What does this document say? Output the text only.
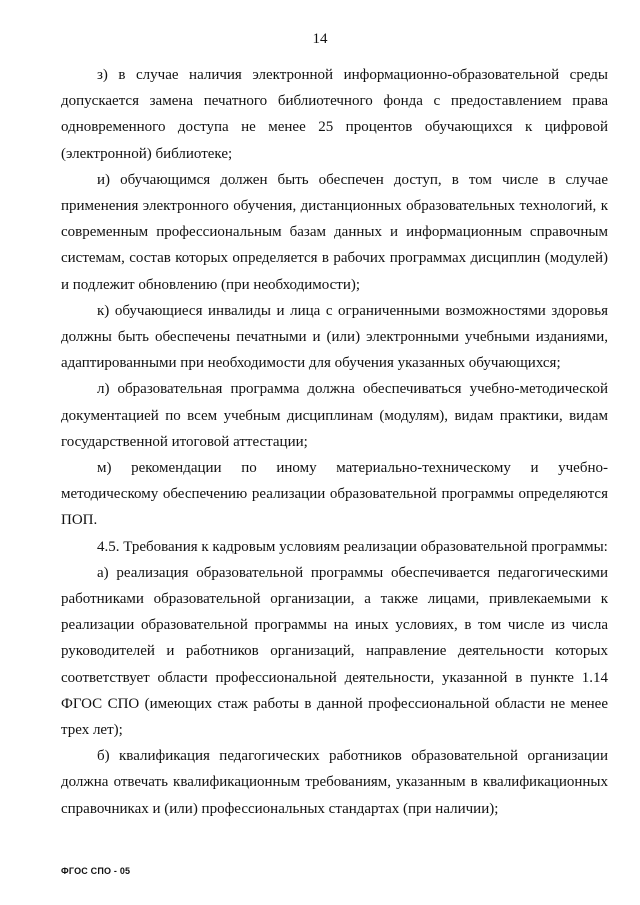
14

з) в случае наличия электронной информационно-образовательной среды допускается замена печатного библиотечного фонда с предоставлением права одновременного доступа не менее 25 процентов обучающихся к цифровой (электронной) библиотеке;

и) обучающимся должен быть обеспечен доступ, в том числе в случае применения электронного обучения, дистанционных образовательных технологий, к современным профессиональным базам данных и информационным справочным системам, состав которых определяется в рабочих программах дисциплин (модулей) и подлежит обновлению (при необходимости);

к) обучающиеся инвалиды и лица с ограниченными возможностями здоровья должны быть обеспечены печатными и (или) электронными учебными изданиями, адаптированными при необходимости для обучения указанных обучающихся;

л) образовательная программа должна обеспечиваться учебно-методической документацией по всем учебным дисциплинам (модулям), видам практики, видам государственной итоговой аттестации;

м) рекомендации по иному материально-техническому и учебно-методическому обеспечению реализации образовательной программы определяются ПОП.

4.5. Требования к кадровым условиям реализации образовательной программы:

а) реализация образовательной программы обеспечивается педагогическими работниками образовательной организации, а также лицами, привлекаемыми к реализации образовательной программы на иных условиях, в том числе из числа руководителей и работников организаций, направление деятельности которых соответствует области профессиональной деятельности, указанной в пункте 1.14 ФГОС СПО (имеющих стаж работы в данной профессиональной области не менее трех лет);

б) квалификация педагогических работников образовательной организации должна отвечать квалификационным требованиям, указанным в квалификационных справочниках и (или) профессиональных стандартах (при наличии);

ФГОС СПО - 05
